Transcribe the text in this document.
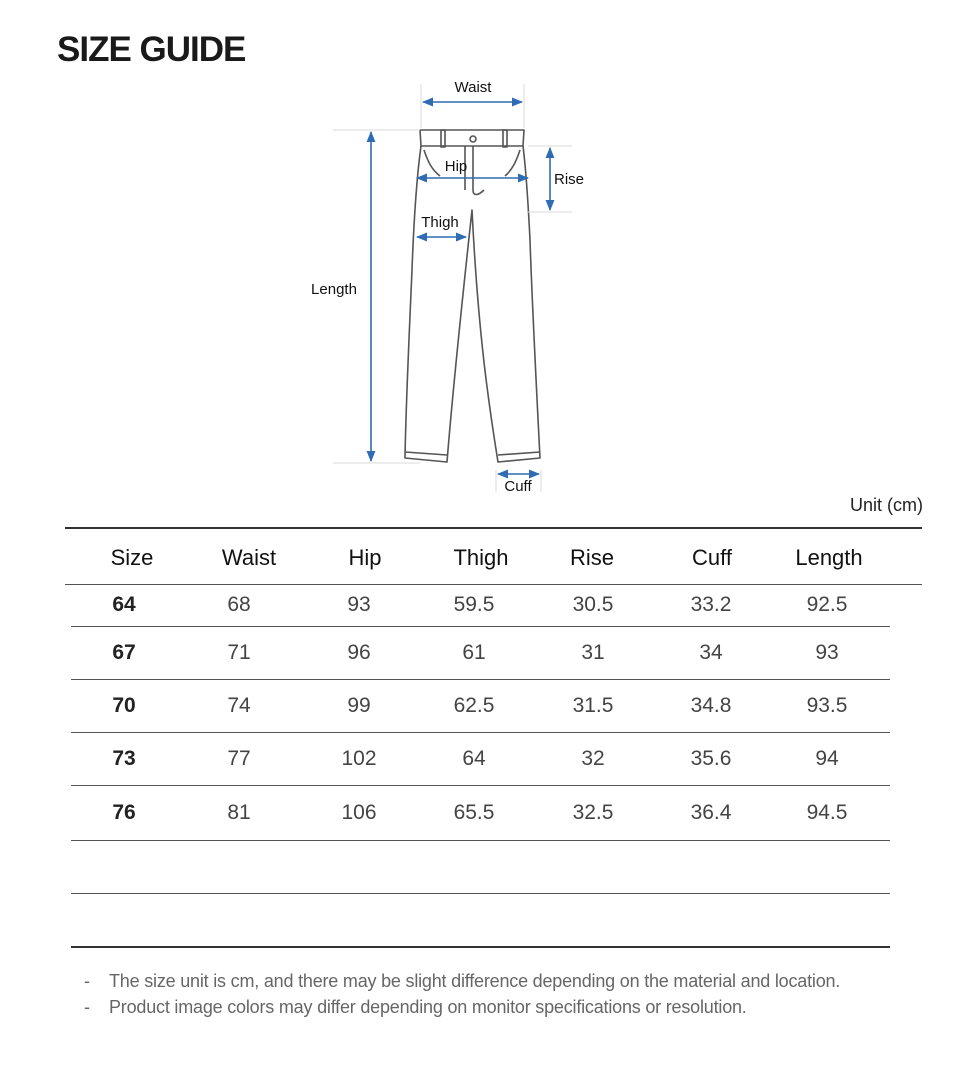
SIZE GUIDE
Waist
Hip
Rise
Thigh
Length
Cuff
Unit (cm)
Size	Waist	Hip	Thigh	Rise	Cuff	Length
64	68	93	59.5	30.5	33.2	92.5
67	71	96	61	31	34	93
70	74	99	62.5	31.5	34.8	93.5
73	77	102	64	32	35.6	94
76	81	106	65.5	32.5	36.4	94.5
- The size unit is cm, and there may be slight difference depending on the material and location.
- Product image colors may differ depending on monitor specifications or resolution.
